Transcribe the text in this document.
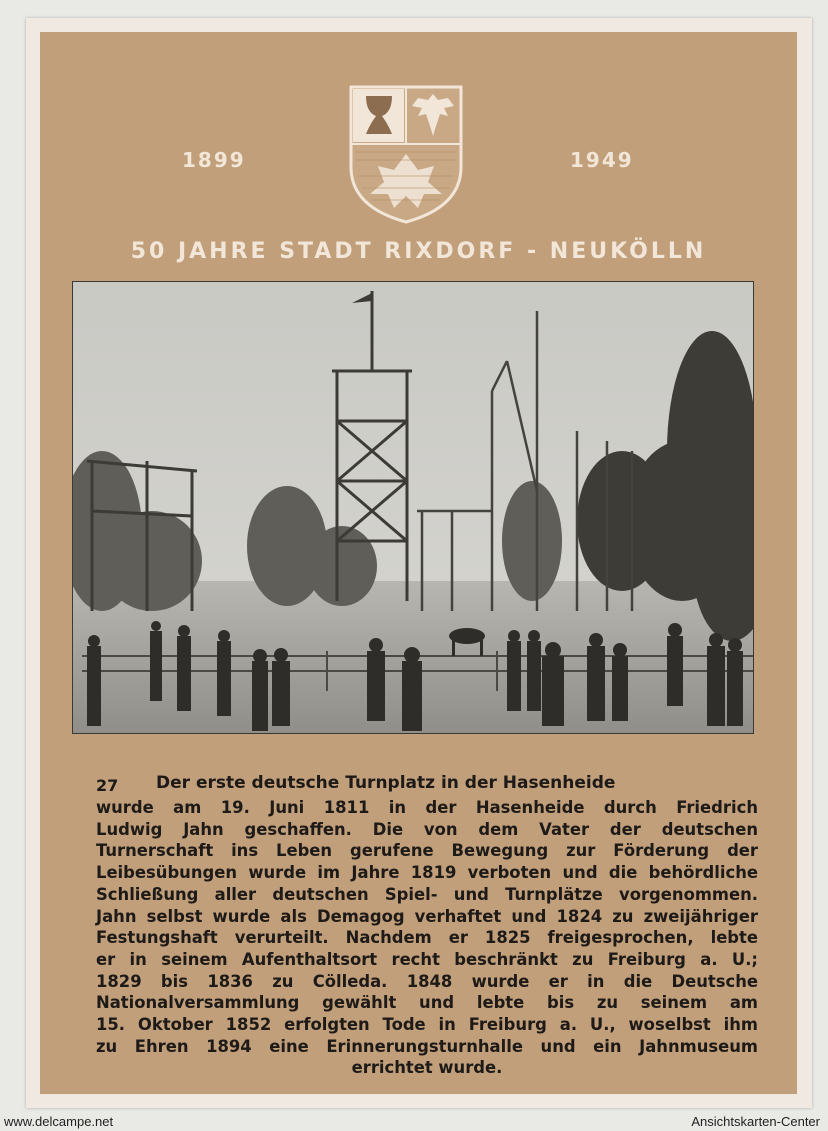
1899	1949
50 JAHRE STADT RIXDORF - NEUKÖLLN
27 Der erste deutsche Turnplatz in der Hasenheide
wurde am 19. Juni 1811 in der Hasenheide durch Friedrich
Ludwig Jahn geschaffen. Die von dem Vater der deutschen
Turnerschaft ins Leben gerufene Bewegung zur Förderung der
Leibesübungen wurde im Jahre 1819 verboten und die behördliche
Schließung aller deutschen Spiel- und Turnplätze vorgenommen.
Jahn selbst wurde als Demagog verhaftet und 1824 zu zweijähriger
Festungshaft verurteilt. Nachdem er 1825 freigesprochen, lebte
er in seinem Aufenthaltsort recht beschränkt zu Freiburg a. U.;
1829 bis 1836 zu Cölleda. 1848 wurde er in die Deutsche
Nationalversammlung gewählt und lebte bis zu seinem am
15. Oktober 1852 erfolgten Tode in Freiburg a. U., woselbst ihm
zu Ehren 1894 eine Erinnerungsturnhalle und ein Jahnmuseum
errichtet wurde.
www.delcampe.net	Ansichtskarten-Center
